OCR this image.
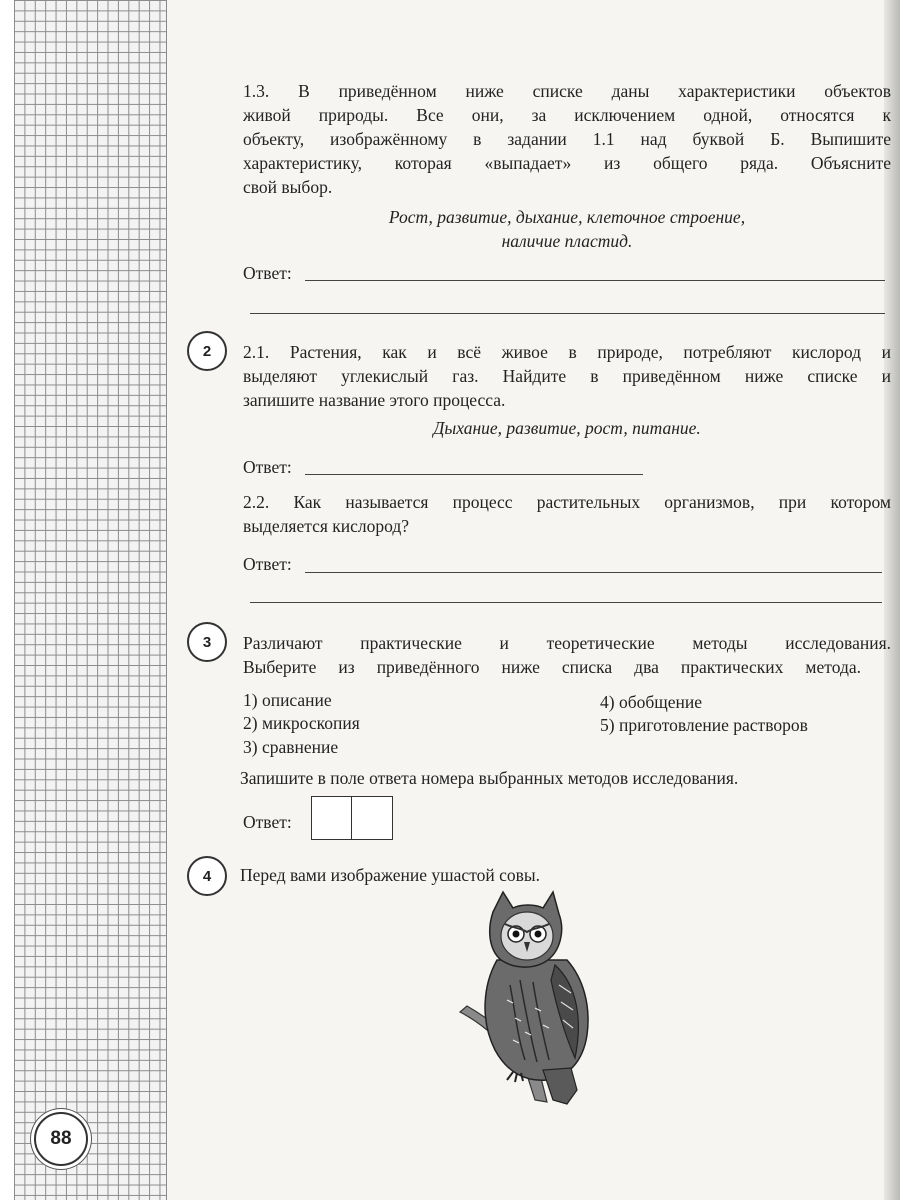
88
1.3. В приведённом ниже списке даны характеристики объектов
живой природы. Все они, за исключением одной, относятся к
объекту, изображённому в задании 1.1 над буквой Б. Выпишите
характеристику, которая «выпадает» из общего ряда. Объясните
свой выбор.
Рост, развитие, дыхание, клеточное строение,
наличие пластид.
Ответ:
2	2.1. Растения, как и всё живое в природе, потребляют кислород и
выделяют углекислый газ. Найдите в приведённом ниже списке и
запишите название этого процесса.
Дыхание, развитие, рост, питание.
Ответ:
2.2. Как называется процесс растительных организмов, при котором
выделяется кислород?
Ответ:
3	Различают практические и теоретические методы исследования.
Выберите из приведённого ниже списка два практических метода.
1) описание
2) микроскопия
3) сравнение
4) обобщение
5) приготовление растворов
Запишите в поле ответа номера выбранных методов исследования.
Ответ:
4	Перед вами изображение ушастой совы.
